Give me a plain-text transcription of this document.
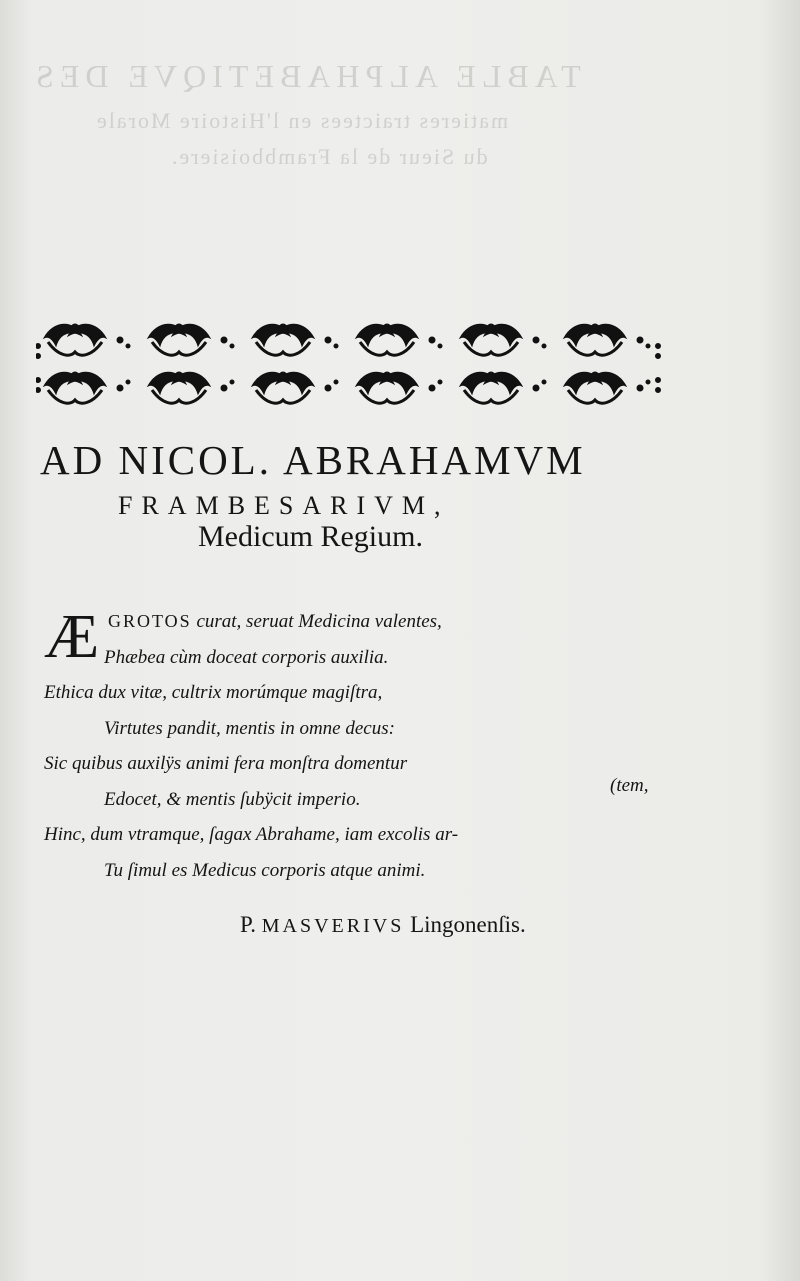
TABLE ALPHABETIQVE DES
matieres traictees en l'Histoire Morale
du Sieur de la Frambboisiere.
AD NICOL. ABRAHAMVM
FRAMBESARIVM,
Medicum Regium.
Æ GROTOS curat, seruat Medicina valentes,
Phæbea cùm doceat corporis auxilia.
Ethica dux vitæ, cultrix morúmque magiſtra,
Virtutes pandit, mentis in omne decus:
Sic quibus auxilÿs animi fera monſtra domentur
Edocet, & mentis ſubÿcit imperio.
Hinc, dum vtramque, ſagax Abrahame, iam excolis ar-
Tu ſimul es Medicus corporis atque animi.
(tem,
P. MASVERIVS Lingonenſis.
